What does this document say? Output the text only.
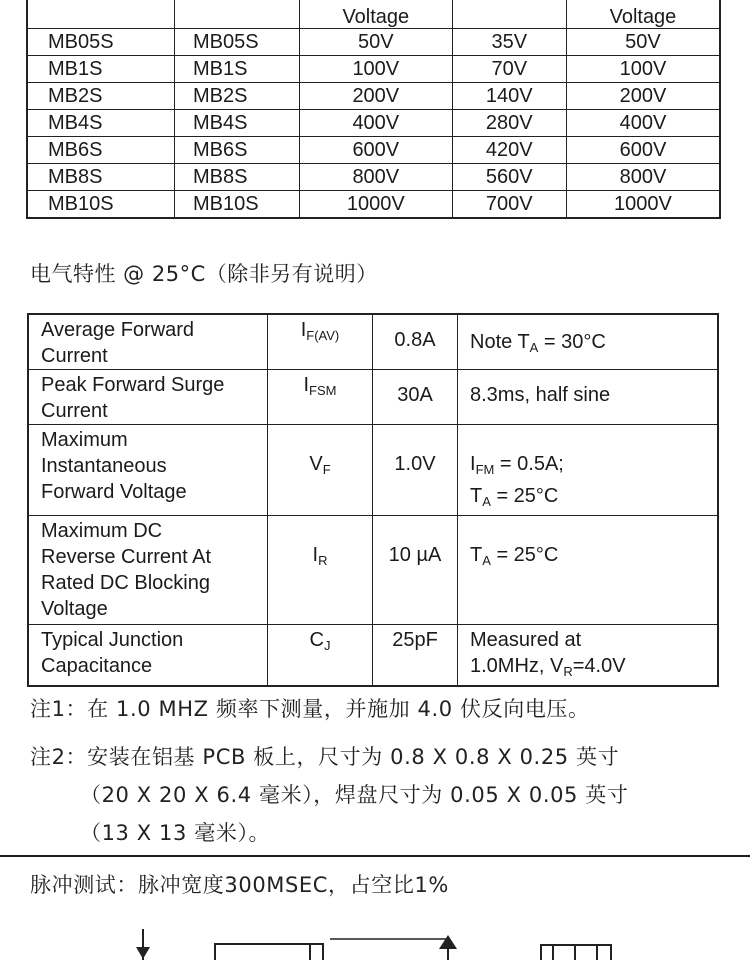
		Voltage		Voltage
MB05S	MB05S	50V	35V	50V
MB1S	MB1S	100V	70V	100V
MB2S	MB2S	200V	140V	200V
MB4S	MB4S	400V	280V	400V
MB6S	MB6S	600V	420V	600V
MB8S	MB8S	800V	560V	800V
MB10S	MB10S	1000V	700V	1000V
电气特性 @ 25°C（除非另有说明）
Average Forward
Current	$I_{F(AV)}$	0.8A	Note $T_A = 30^\circ C$

Peak Forward Surge
Current	$I_{FSM}$	30A	8.3ms, half sine

Maximum
Instantaneous
Forward Voltage	$V_F$	1.0V	$I_{FM} = 0.5A$;
$T_A = 25^\circ C$

Maximum DC
Reverse Current At
Rated DC Blocking
Voltage	$I_R$	10 µA	$T_A = 25^\circ C$

Typical Junction
Capacitance	$C_J$	25pF	Measured at
1.0MHz, $V_R=4.0V$
注1：在 1.0 MHZ 频率下测量，并施加 4.0 伏反向电压。
注2：安装在铝基 PCB 板上，尺寸为 0.8 X 0.8 X 0.25 英寸
（20 X 20 X 6.4 毫米），焊盘尺寸为 0.05 X 0.05 英寸
（13 X 13 毫米）。
脉冲测试：脉冲宽度300MSEC，占空比1%
